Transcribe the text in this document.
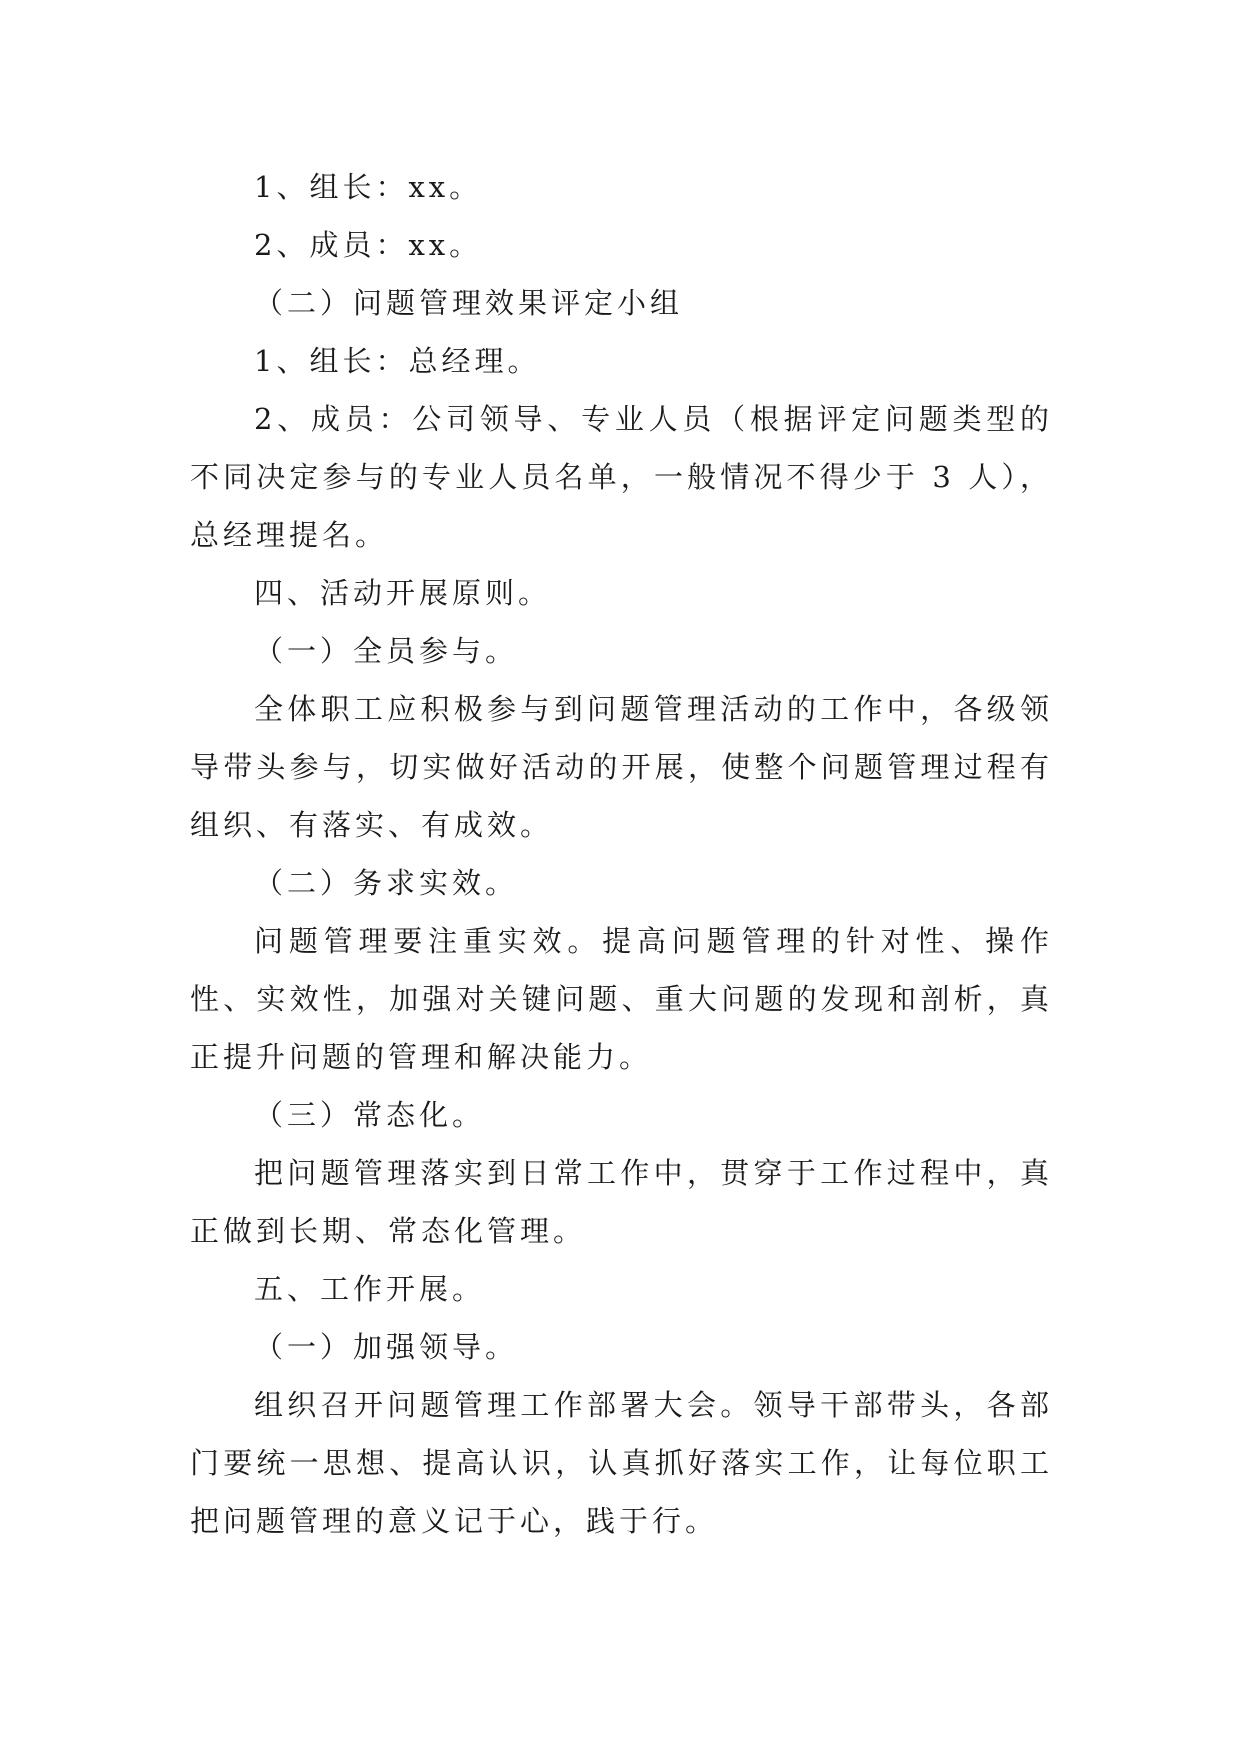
1、组长：xx。

2、成员：xx。

（二）问题管理效果评定小组

1、组长：总经理。

2、成员：公司领导、专业人员（根据评定问题类型的不同决定参与的专业人员名单，一般情况不得少于 3 人），总经理提名。

四、活动开展原则。

（一）全员参与。

全体职工应积极参与到问题管理活动的工作中，各级领导带头参与，切实做好活动的开展，使整个问题管理过程有组织、有落实、有成效。

（二）务求实效。

问题管理要注重实效。提高问题管理的针对性、操作性、实效性，加强对关键问题、重大问题的发现和剖析，真正提升问题的管理和解决能力。

（三）常态化。

把问题管理落实到日常工作中，贯穿于工作过程中，真正做到长期、常态化管理。

五、工作开展。

（一）加强领导。

组织召开问题管理工作部署大会。领导干部带头，各部门要统一思想、提高认识，认真抓好落实工作，让每位职工把问题管理的意义记于心，践于行。
